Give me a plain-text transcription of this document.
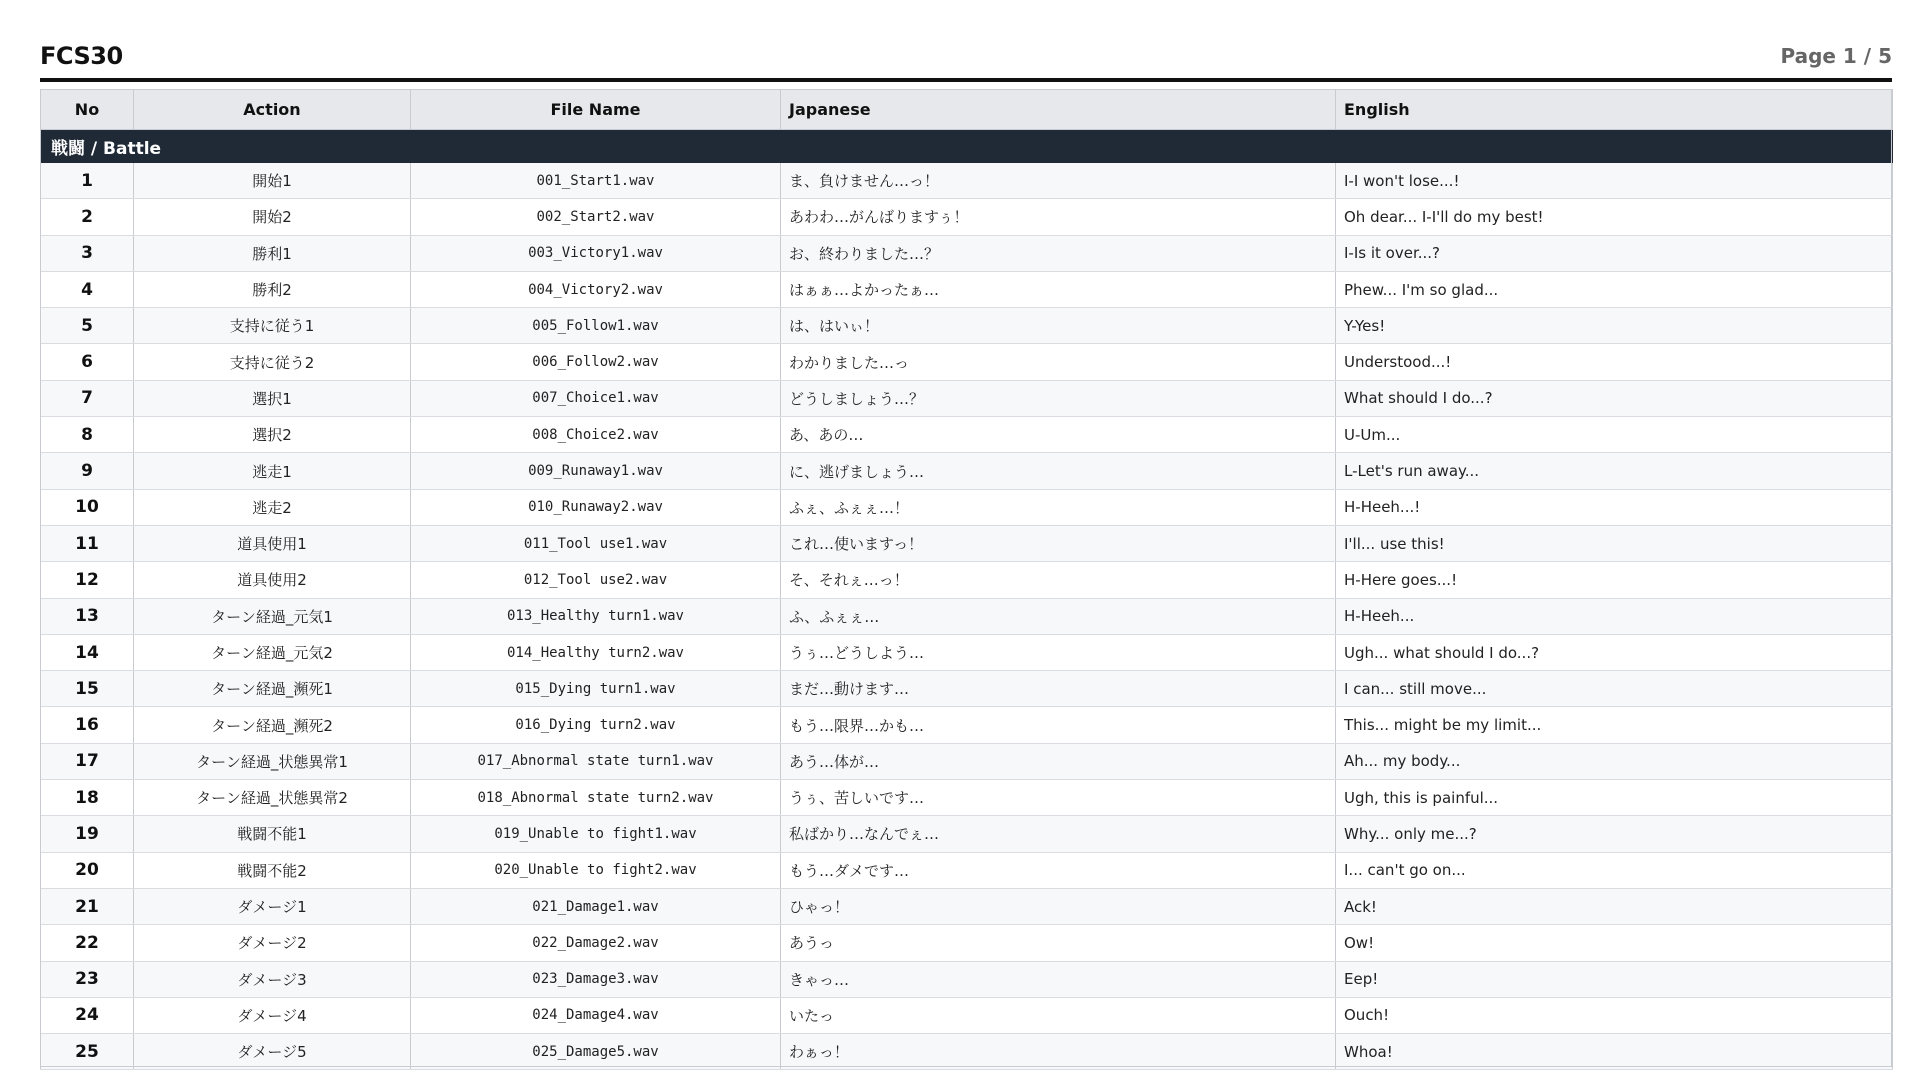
FCS30	Page 1 / 5
No	Action	File Name	Japanese	English
戦闘 / Battle				
1	開始1	001_Start1.wav	ま、負けません…っ！	I-I won't lose...!
2	開始2	002_Start2.wav	あわわ…がんばりますぅ！	Oh dear... I-I'll do my best!
3	勝利1	003_Victory1.wav	お、終わりました…？	I-Is it over...?
4	勝利2	004_Victory2.wav	はぁぁ…よかったぁ…	Phew... I'm so glad...
5	支持に従う1	005_Follow1.wav	は、はいぃ！	Y-Yes!
6	支持に従う2	006_Follow2.wav	わかりました…っ	Understood...!
7	選択1	007_Choice1.wav	どうしましょう…？	What should I do...?
8	選択2	008_Choice2.wav	あ、あの…	U-Um...
9	逃走1	009_Runaway1.wav	に、逃げましょう…	L-Let's run away...
10	逃走2	010_Runaway2.wav	ふぇ、ふぇぇ…！	H-Heeh...!
11	道具使用1	011_Tool use1.wav	これ…使いますっ！	I'll... use this!
12	道具使用2	012_Tool use2.wav	そ、それぇ…っ！	H-Here goes...!
13	ターン経過_元気1	013_Healthy turn1.wav	ふ、ふぇぇ…	H-Heeh...
14	ターン経過_元気2	014_Healthy turn2.wav	うぅ…どうしよう…	Ugh... what should I do...?
15	ターン経過_瀕死1	015_Dying turn1.wav	まだ…動けます…	I can... still move...
16	ターン経過_瀕死2	016_Dying turn2.wav	もう…限界…かも…	This... might be my limit...
17	ターン経過_状態異常1	017_Abnormal state turn1.wav	あう…体が…	Ah... my body...
18	ターン経過_状態異常2	018_Abnormal state turn2.wav	うぅ、苦しいです…	Ugh, this is painful...
19	戦闘不能1	019_Unable to fight1.wav	私ばかり…なんでぇ…	Why... only me...?
20	戦闘不能2	020_Unable to fight2.wav	もう…ダメです…	I... can't go on...
21	ダメージ1	021_Damage1.wav	ひゃっ！	Ack!
22	ダメージ2	022_Damage2.wav	あうっ	Ow!
23	ダメージ3	023_Damage3.wav	きゃっ…	Eep!
24	ダメージ4	024_Damage4.wav	いたっ	Ouch!
25	ダメージ5	025_Damage5.wav	わぁっ！	Whoa!
